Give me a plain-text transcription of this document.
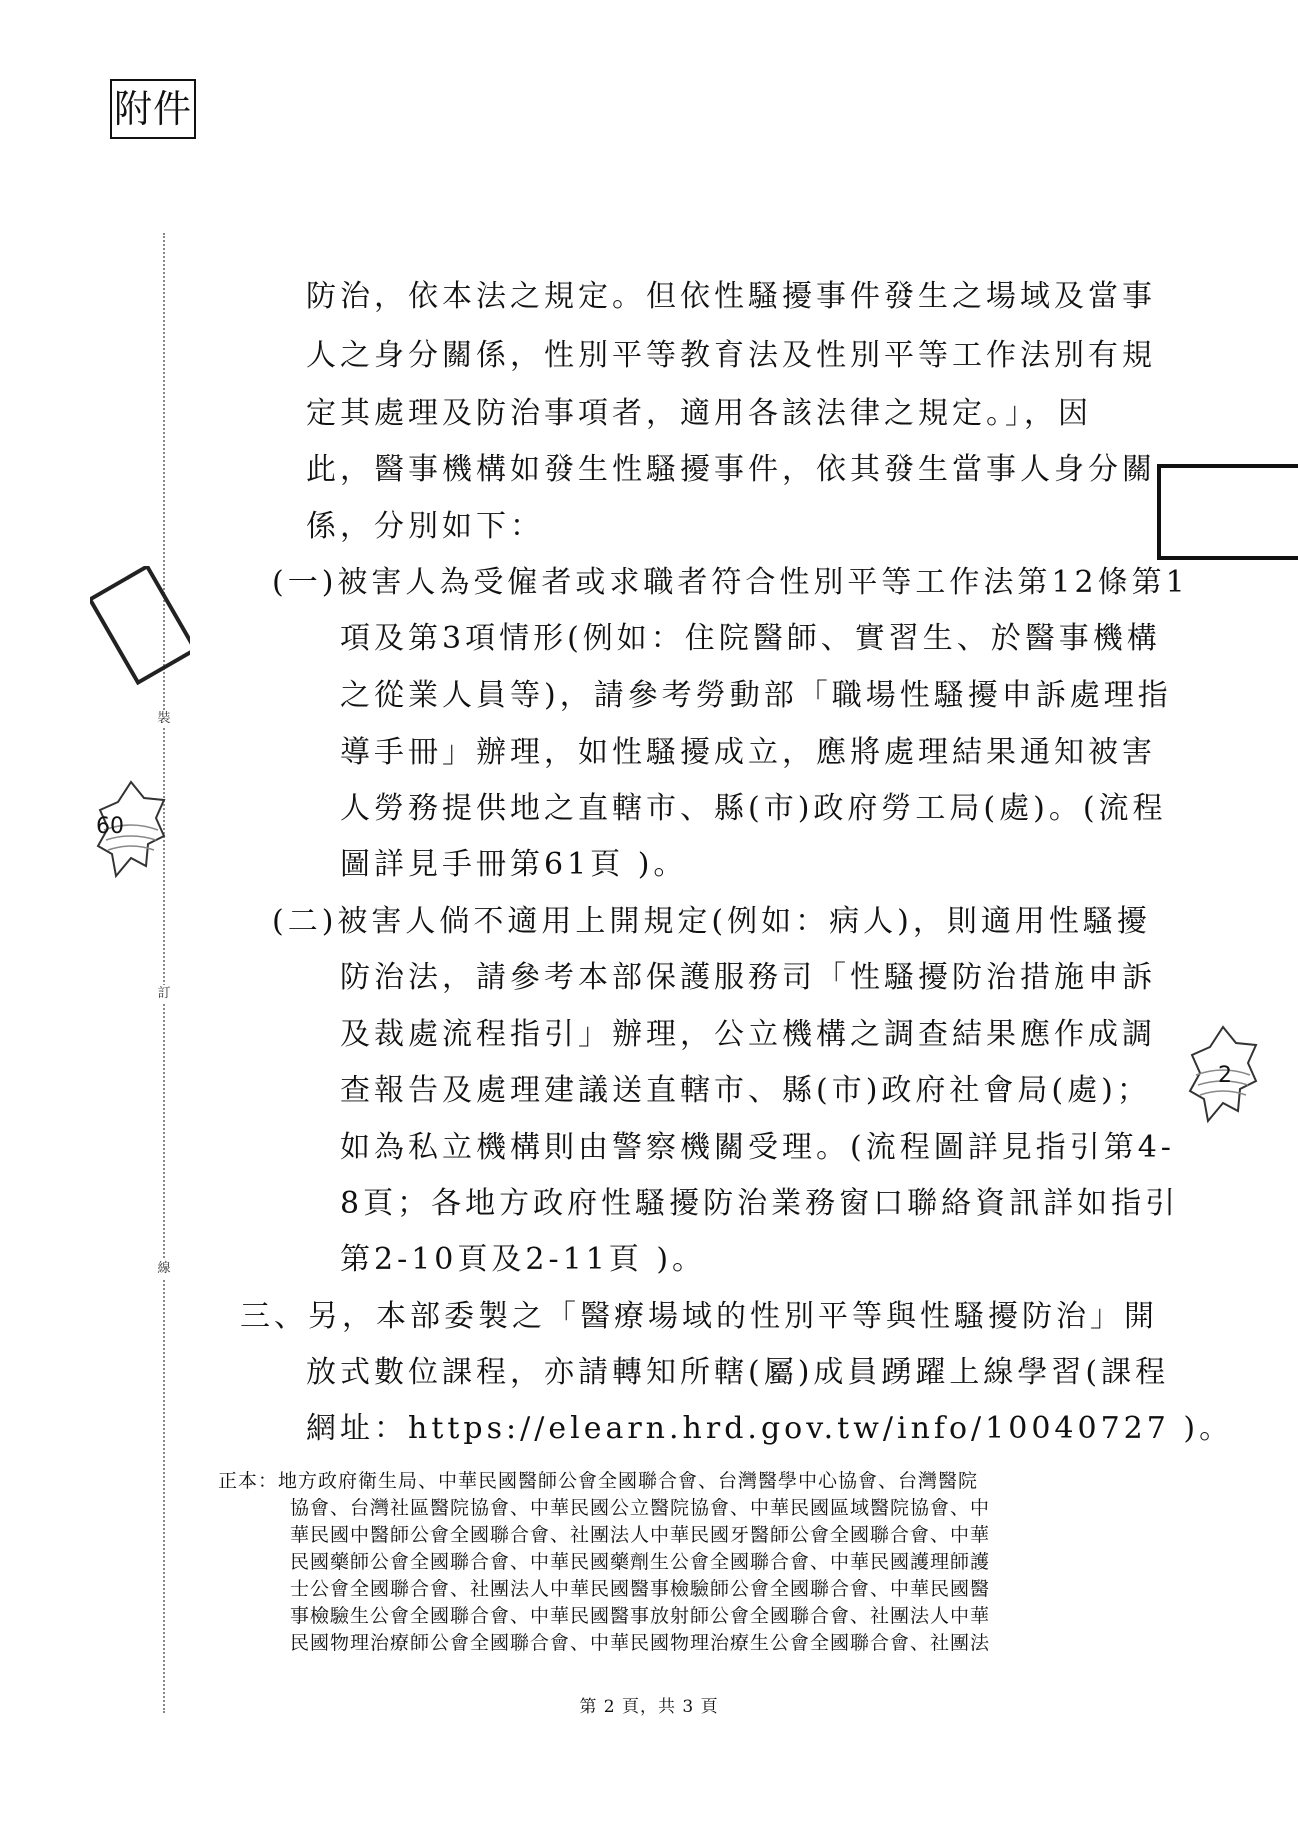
附件
裝
訂
線
60
2
防治，依本法之規定。但依性騷擾事件發生之場域及當事
人之身分關係，性別平等教育法及性別平等工作法別有規
定其處理及防治事項者，適用各該法律之規定。」，因
此，醫事機構如發生性騷擾事件，依其發生當事人身分關
係，分別如下：
(一)被害人為受僱者或求職者符合性別平等工作法第12條第1
項及第3項情形(例如：住院醫師、實習生、於醫事機構
之從業人員等)，請參考勞動部「職場性騷擾申訴處理指
導手冊」辦理，如性騷擾成立，應將處理結果通知被害
人勞務提供地之直轄市、縣(市)政府勞工局(處)。(流程
圖詳見手冊第61頁 )。
(二)被害人倘不適用上開規定(例如：病人)，則適用性騷擾
防治法，請參考本部保護服務司「性騷擾防治措施申訴
及裁處流程指引」辦理，公立機構之調查結果應作成調
查報告及處理建議送直轄市、縣(市)政府社會局(處)；
如為私立機構則由警察機關受理。(流程圖詳見指引第4-
8頁；各地方政府性騷擾防治業務窗口聯絡資訊詳如指引
第2-10頁及2-11頁 )。
三、另，本部委製之「醫療場域的性別平等與性騷擾防治」開
放式數位課程，亦請轉知所轄(屬)成員踴躍上線學習(課程
網址：https://elearn.hrd.gov.tw/info/10040727 )。
正本：地方政府衛生局、中華民國醫師公會全國聯合會、台灣醫學中心協會、台灣醫院
協會、台灣社區醫院協會、中華民國公立醫院協會、中華民國區域醫院協會、中
華民國中醫師公會全國聯合會、社團法人中華民國牙醫師公會全國聯合會、中華
民國藥師公會全國聯合會、中華民國藥劑生公會全國聯合會、中華民國護理師護
士公會全國聯合會、社團法人中華民國醫事檢驗師公會全國聯合會、中華民國醫
事檢驗生公會全國聯合會、中華民國醫事放射師公會全國聯合會、社團法人中華
民國物理治療師公會全國聯合會、中華民國物理治療生公會全國聯合會、社團法
第 2 頁，共 3 頁
